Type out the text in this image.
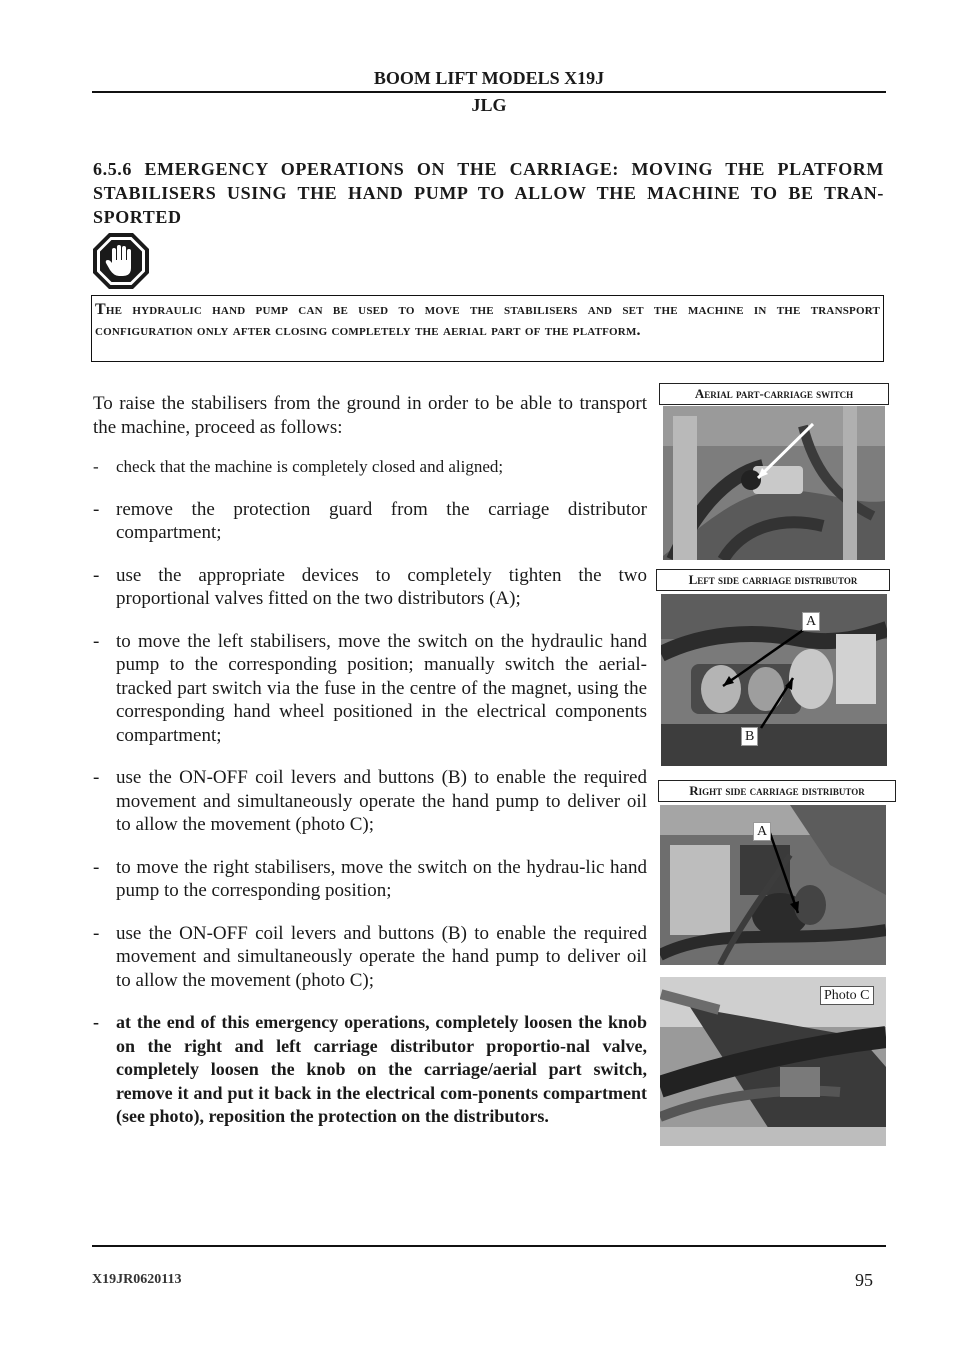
BOOM LIFT MODELS X19J
JLG
6.5.6 EMERGENCY OPERATIONS ON THE CARRIAGE: MOVING THE PLATFORM STABILISERS USING THE HAND PUMP TO ALLOW THE MACHINE TO BE TRAN-SPORTED
The hydraulic hand pump can be used to move the stabilisers and set the machine in the transport configuration only after closing completely the aerial part of the platform.
To raise the stabilisers from the ground in order to be able to transport the machine, proceed as follows:
- check that the machine is completely closed and aligned;
- remove the protection guard from the carriage distributor compartment;
- use the appropriate devices to completely tighten the two proportional valves fitted on the two distributors (A);
- to move the left stabilisers, move the switch on the hydraulic hand pump to the corresponding position; manually switch the aerial-tracked part switch via the fuse in the centre of the magnet, using the corresponding hand wheel positioned in the electrical components compartment;
- use the ON-OFF coil levers and buttons (B) to enable the required movement and simultaneously operate the hand pump to deliver oil to allow the movement (photo C);
- to move the right stabilisers, move the switch on the hydrau-lic hand pump to the corresponding position;
- use the ON-OFF coil levers and buttons (B) to enable the required movement and simultaneously operate the hand pump to deliver oil to allow the movement (photo C);
- at the end of this emergency operations, completely loosen the knob on the right and left carriage distributor proportio-nal valve, completely loosen the knob on the carriage/aerial part switch, remove it and put it back in the electrical com-ponents compartment (see photo), reposition the protection on the distributors.
Aerial part-carriage switch
Left side carriage distributor
A
B
Right side carriage distributor
A
Photo C
X19JR0620113	95
